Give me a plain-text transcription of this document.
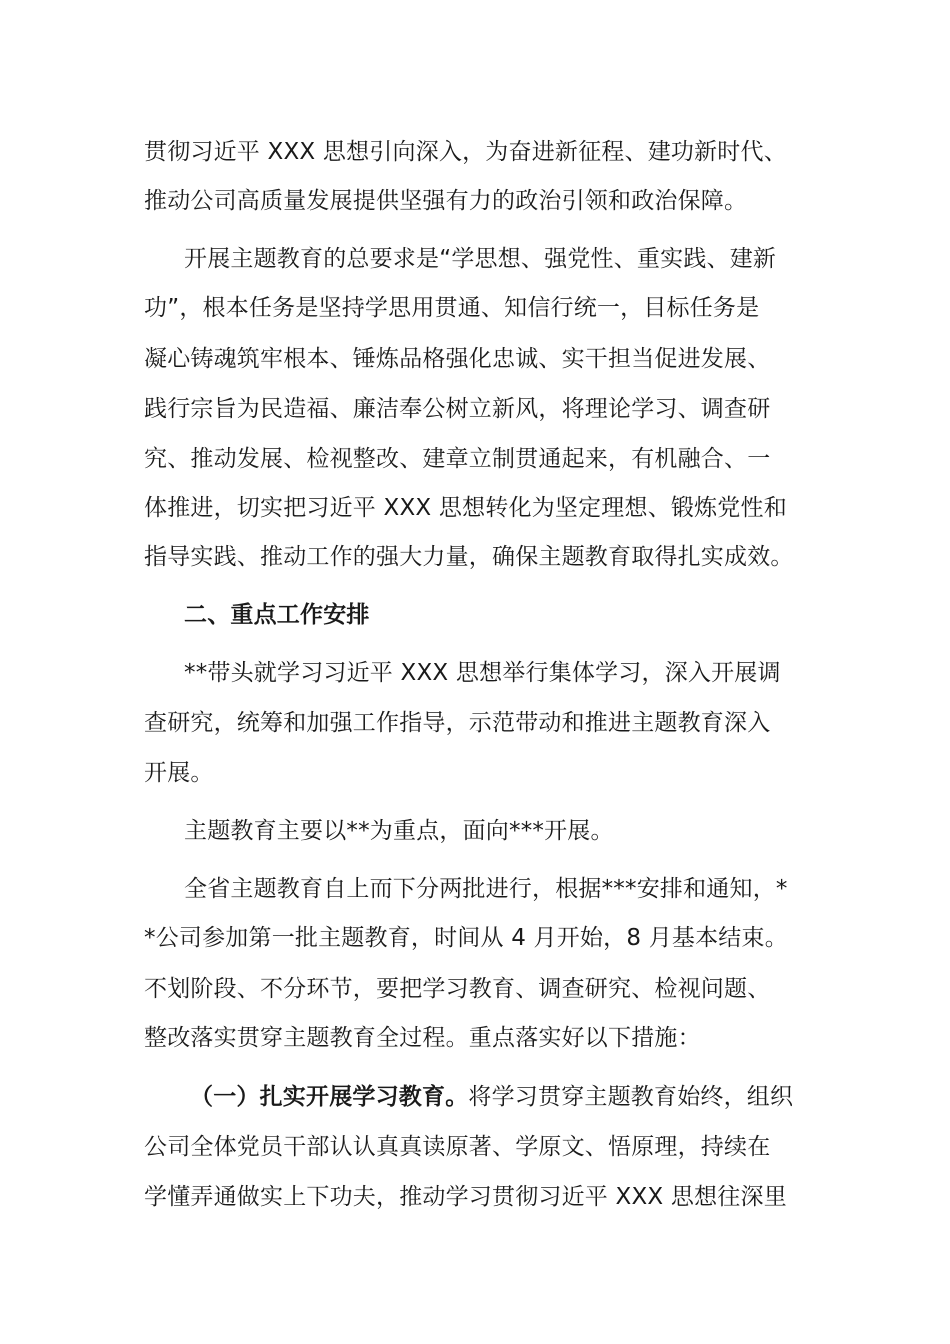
贯彻习近平 XXX 思想引向深入，为奋进新征程、建功新时代、
推动公司高质量发展提供坚强有力的政治引领和政治保障。
开展主题教育的总要求是“学思想、强党性、重实践、建新
功”，根本任务是坚持学思用贯通、知信行统一，目标任务是
凝心铸魂筑牢根本、锤炼品格强化忠诚、实干担当促进发展、
践行宗旨为民造福、廉洁奉公树立新风，将理论学习、调查研
究、推动发展、检视整改、建章立制贯通起来，有机融合、一
体推进，切实把习近平 XXX 思想转化为坚定理想、锻炼党性和
指导实践、推动工作的强大力量，确保主题教育取得扎实成效。
二、重点工作安排
**带头就学习习近平 XXX 思想举行集体学习，深入开展调
查研究，统筹和加强工作指导，示范带动和推进主题教育深入
开展。
主题教育主要以**为重点，面向***开展。
全省主题教育自上而下分两批进行，根据***安排和通知，*
*公司参加第一批主题教育，时间从 4 月开始，8 月基本结束。
不划阶段、不分环节，要把学习教育、调查研究、检视问题、
整改落实贯穿主题教育全过程。重点落实好以下措施：
（一）扎实开展学习教育。将学习贯穿主题教育始终，组织
公司全体党员干部认认真真读原著、学原文、悟原理，持续在
学懂弄通做实上下功夫，推动学习贯彻习近平 XXX 思想往深里
